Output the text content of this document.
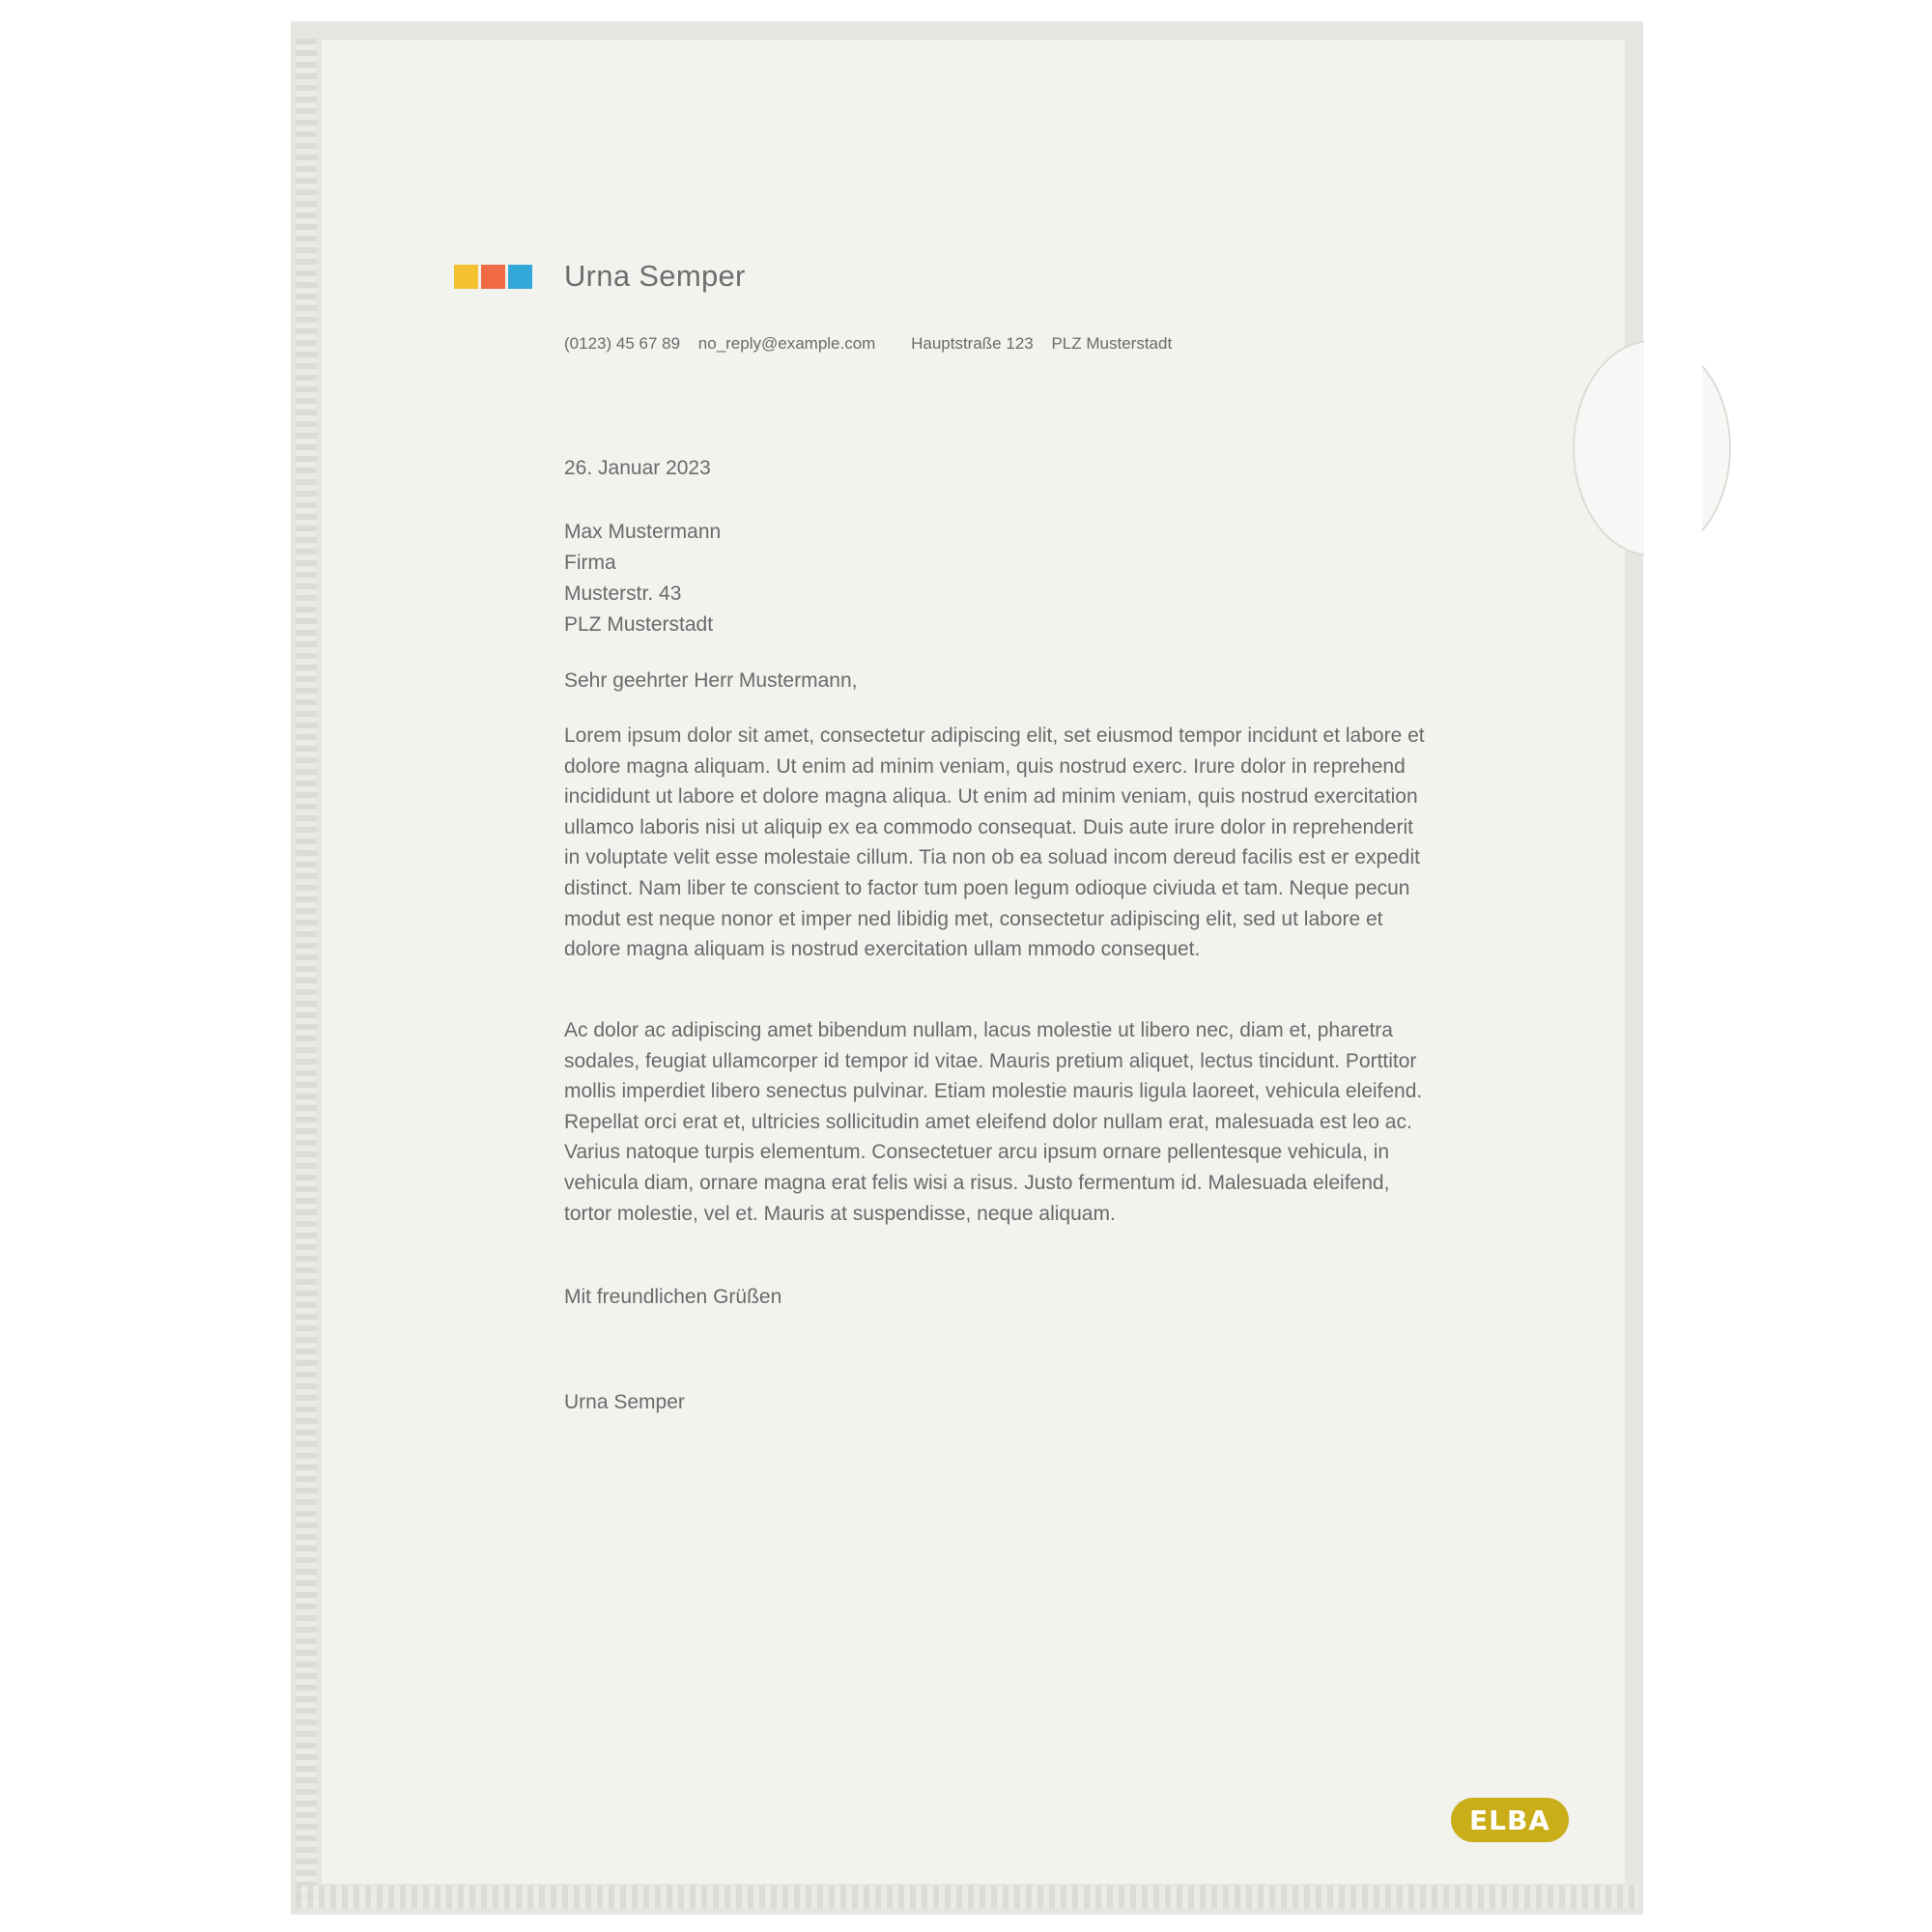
Urna Semper
(0123) 45 67 89 no_reply@example.com Hauptstraße 123 PLZ Musterstadt
26. Januar 2023
Max Mustermann
Firma
Musterstr. 43
PLZ Musterstadt
Sehr geehrter Herr Mustermann,
Lorem ipsum dolor sit amet, consectetur adipiscing elit, set eiusmod tempor incidunt et labore et dolore magna aliquam. Ut enim ad minim veniam, quis nostrud exerc. Irure dolor in reprehend incididunt ut labore et dolore magna aliqua. Ut enim ad minim veniam, quis nostrud exercitation ullamco laboris nisi ut aliquip ex ea commodo consequat. Duis aute irure dolor in reprehenderit in voluptate velit esse molestaie cillum. Tia non ob ea soluad incom dereud facilis est er expedit distinct. Nam liber te conscient to factor tum poen legum odioque civiuda et tam. Neque pecun modut est neque nonor et imper ned libidig met, consectetur adipiscing elit, sed ut labore et dolore magna aliquam is nostrud exercitation ullam mmodo consequet.
Ac dolor ac adipiscing amet bibendum nullam, lacus molestie ut libero nec, diam et, pharetra sodales, feugiat ullamcorper id tempor id vitae. Mauris pretium aliquet, lectus tincidunt. Porttitor mollis imperdiet libero senectus pulvinar. Etiam molestie mauris ligula laoreet, vehicula eleifend. Repellat orci erat et, ultricies sollicitudin amet eleifend dolor nullam erat, malesuada est leo ac. Varius natoque turpis elementum. Consectetuer arcu ipsum ornare pellentesque vehicula, in vehicula diam, ornare magna erat felis wisi a risus. Justo fermentum id. Malesuada eleifend, tortor molestie, vel et. Mauris at suspendisse, neque aliquam.
Mit freundlichen Grüßen
Urna Semper
ELBA
